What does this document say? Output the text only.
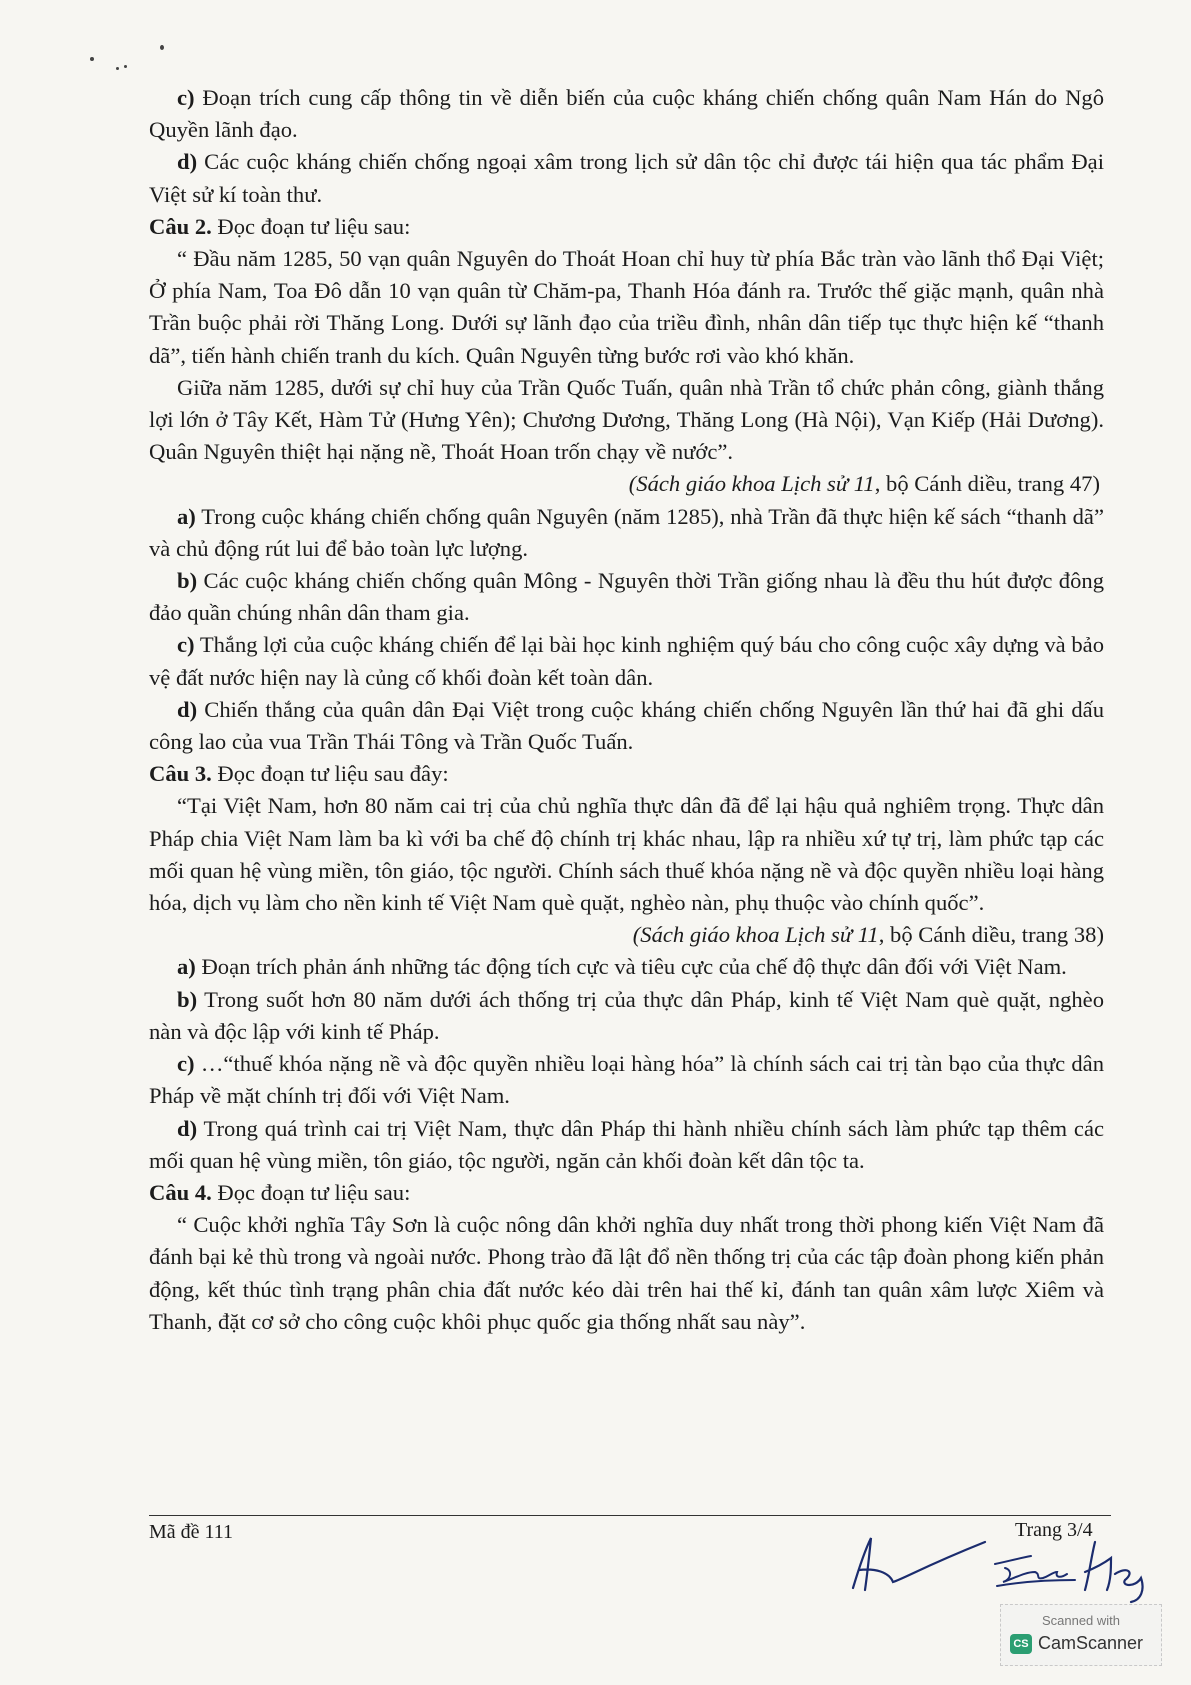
c) Đoạn trích cung cấp thông tin về diễn biến của cuộc kháng chiến chống quân Nam Hán do Ngô Quyền lãnh đạo.

d) Các cuộc kháng chiến chống ngoại xâm trong lịch sử dân tộc chỉ được tái hiện qua tác phẩm Đại Việt sử kí toàn thư.

Câu 2. Đọc đoạn tư liệu sau:

“ Đầu năm 1285, 50 vạn quân Nguyên do Thoát Hoan chỉ huy từ phía Bắc tràn vào lãnh thổ Đại Việt; Ở phía Nam, Toa Đô dẫn 10 vạn quân từ Chăm-pa, Thanh Hóa đánh ra. Trước thế giặc mạnh, quân nhà Trần buộc phải rời Thăng Long. Dưới sự lãnh đạo của triều đình, nhân dân tiếp tục thực hiện kế “thanh dã”, tiến hành chiến tranh du kích. Quân Nguyên từng bước rơi vào khó khăn.

Giữa năm 1285, dưới sự chỉ huy của Trần Quốc Tuấn, quân nhà Trần tổ chức phản công, giành thắng lợi lớn ở Tây Kết, Hàm Tử (Hưng Yên); Chương Dương, Thăng Long (Hà Nội), Vạn Kiếp (Hải Dương). Quân Nguyên thiệt hại nặng nề, Thoát Hoan trốn chạy về nước”.

(Sách giáo khoa Lịch sử 11, bộ Cánh diều, trang 47)

a) Trong cuộc kháng chiến chống quân Nguyên (năm 1285), nhà Trần đã thực hiện kế sách “thanh dã” và chủ động rút lui để bảo toàn lực lượng.

b) Các cuộc kháng chiến chống quân Mông - Nguyên thời Trần giống nhau là đều thu hút được đông đảo quần chúng nhân dân tham gia.

c) Thắng lợi của cuộc kháng chiến để lại bài học kinh nghiệm quý báu cho công cuộc xây dựng và bảo vệ đất nước hiện nay là củng cố khối đoàn kết toàn dân.

d) Chiến thắng của quân dân Đại Việt trong cuộc kháng chiến chống Nguyên lần thứ hai đã ghi dấu công lao của vua Trần Thái Tông và Trần Quốc Tuấn.

Câu 3. Đọc đoạn tư liệu sau đây:

“Tại Việt Nam, hơn 80 năm cai trị của chủ nghĩa thực dân đã để lại hậu quả nghiêm trọng. Thực dân Pháp chia Việt Nam làm ba kì với ba chế độ chính trị khác nhau, lập ra nhiều xứ tự trị, làm phức tạp các mối quan hệ vùng miền, tôn giáo, tộc người. Chính sách thuế khóa nặng nề và độc quyền nhiều loại hàng hóa, dịch vụ làm cho nền kinh tế Việt Nam què quặt, nghèo nàn, phụ thuộc vào chính quốc”.

(Sách giáo khoa Lịch sử 11, bộ Cánh diều, trang 38)

a) Đoạn trích phản ánh những tác động tích cực và tiêu cực của chế độ thực dân đối với Việt Nam.

b) Trong suốt hơn 80 năm dưới ách thống trị của thực dân Pháp, kinh tế Việt Nam què quặt, nghèo nàn và độc lập với kinh tế Pháp.

c) …“thuế khóa nặng nề và độc quyền nhiều loại hàng hóa” là chính sách cai trị tàn bạo của thực dân Pháp về mặt chính trị đối với Việt Nam.

d) Trong quá trình cai trị Việt Nam, thực dân Pháp thi hành nhiều chính sách làm phức tạp thêm các mối quan hệ vùng miền, tôn giáo, tộc người, ngăn cản khối đoàn kết dân tộc ta.

Câu 4. Đọc đoạn tư liệu sau:

“ Cuộc khởi nghĩa Tây Sơn là cuộc nông dân khởi nghĩa duy nhất trong thời phong kiến Việt Nam đã đánh bại kẻ thù trong và ngoài nước. Phong trào đã lật đổ nền thống trị của các tập đoàn phong kiến phản động, kết thúc tình trạng phân chia đất nước kéo dài trên hai thế kỉ, đánh tan quân xâm lược Xiêm và Thanh, đặt cơ sở cho công cuộc khôi phục quốc gia thống nhất sau này”.

Mã đề 111	Trang 3/4
Scanned with
CS CamScanner
